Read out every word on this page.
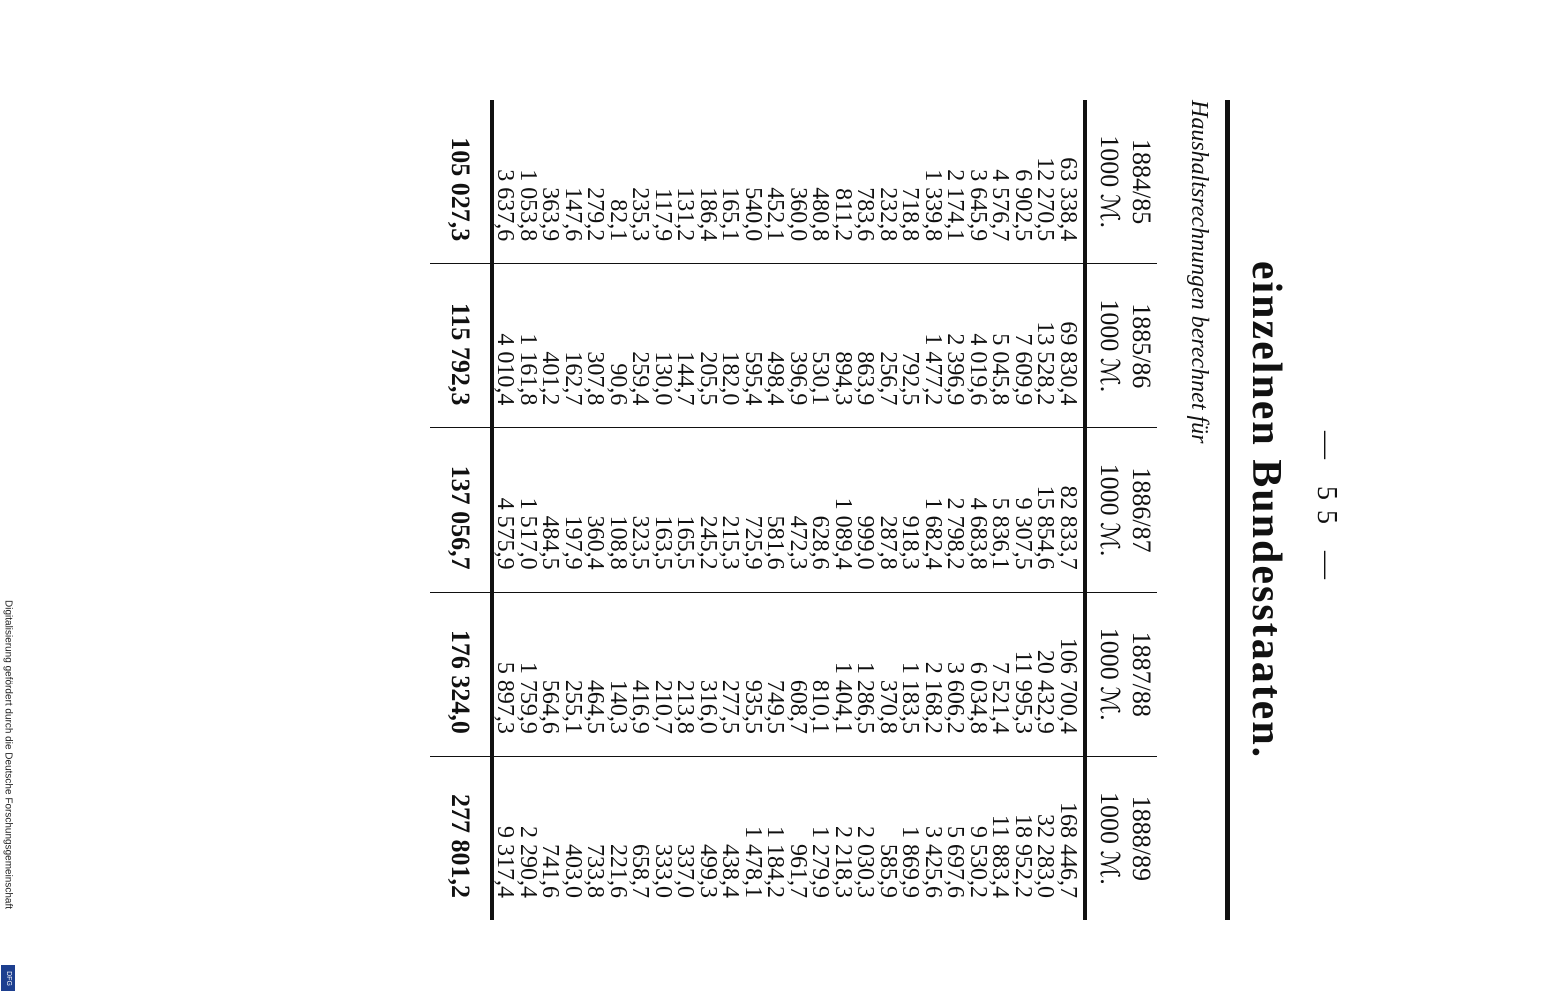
Digitalisierung gefördert durch die Deutsche Forschungsgemeinschaft
DFG
— 55 —
einzelnen Bundesstaaten.
Haushaltsrechnungen berechnet für
1884/85
1000 ℳ.
1885/86
1000 ℳ.
1886/87
1000 ℳ.
1887/88
1000 ℳ.
1888/89
1000 ℳ.
63 338,4
12 270,5
6 902,5
4 576,7
3 645,9
2 174,1
1 339,8
718,8
232,8
783,6
811,2
480,8
360,0
452,1
540,0
165,1
186,4
131,2
117,9
235,3
82,1
279,2
147,6
363,9
1 053,8
3 637,6
69 830,4
13 528,2
7 609,9
5 045,8
4 019,6
2 396,9
1 477,2
792,5
256,7
863,9
894,3
530,1
396,9
498,4
595,4
182,0
205,5
144,7
130,0
259,4
90,6
307,8
162,7
401,2
1 161,8
4 010,4
82 833,7
15 854,6
9 307,5
5 836,1
4 683,8
2 798,2
1 682,4
918,3
287,8
999,0
1 089,4
628,6
472,3
581,6
725,9
215,3
245,2
165,5
163,5
323,5
108,8
360,4
197,9
484,5
1 517,0
4 575,9
106 700,4
20 432,9
11 995,3
7 521,4
6 034,8
3 606,2
2 168,2
1 183,5
370,8
1 286,5
1 404,1
810,1
608,7
749,5
935,5
277,5
316,0
213,8
210,7
416,9
140,3
464,5
255,1
564,6
1 759,9
5 897,3
168 446,7
32 283,0
18 952,2
11 883,4
9 530,2
5 697,6
3 425,6
1 869,9
585,9
2 030,3
2 218,3
1 279,9
961,7
1 184,2
1 478,1
438,4
499,3
337,0
333,0
658,7
221,6
733,8
403,0
741,6
2 290,4
9 317,4
105 027,3
115 792,3
137 056,7
176 324,0
277 801,2
